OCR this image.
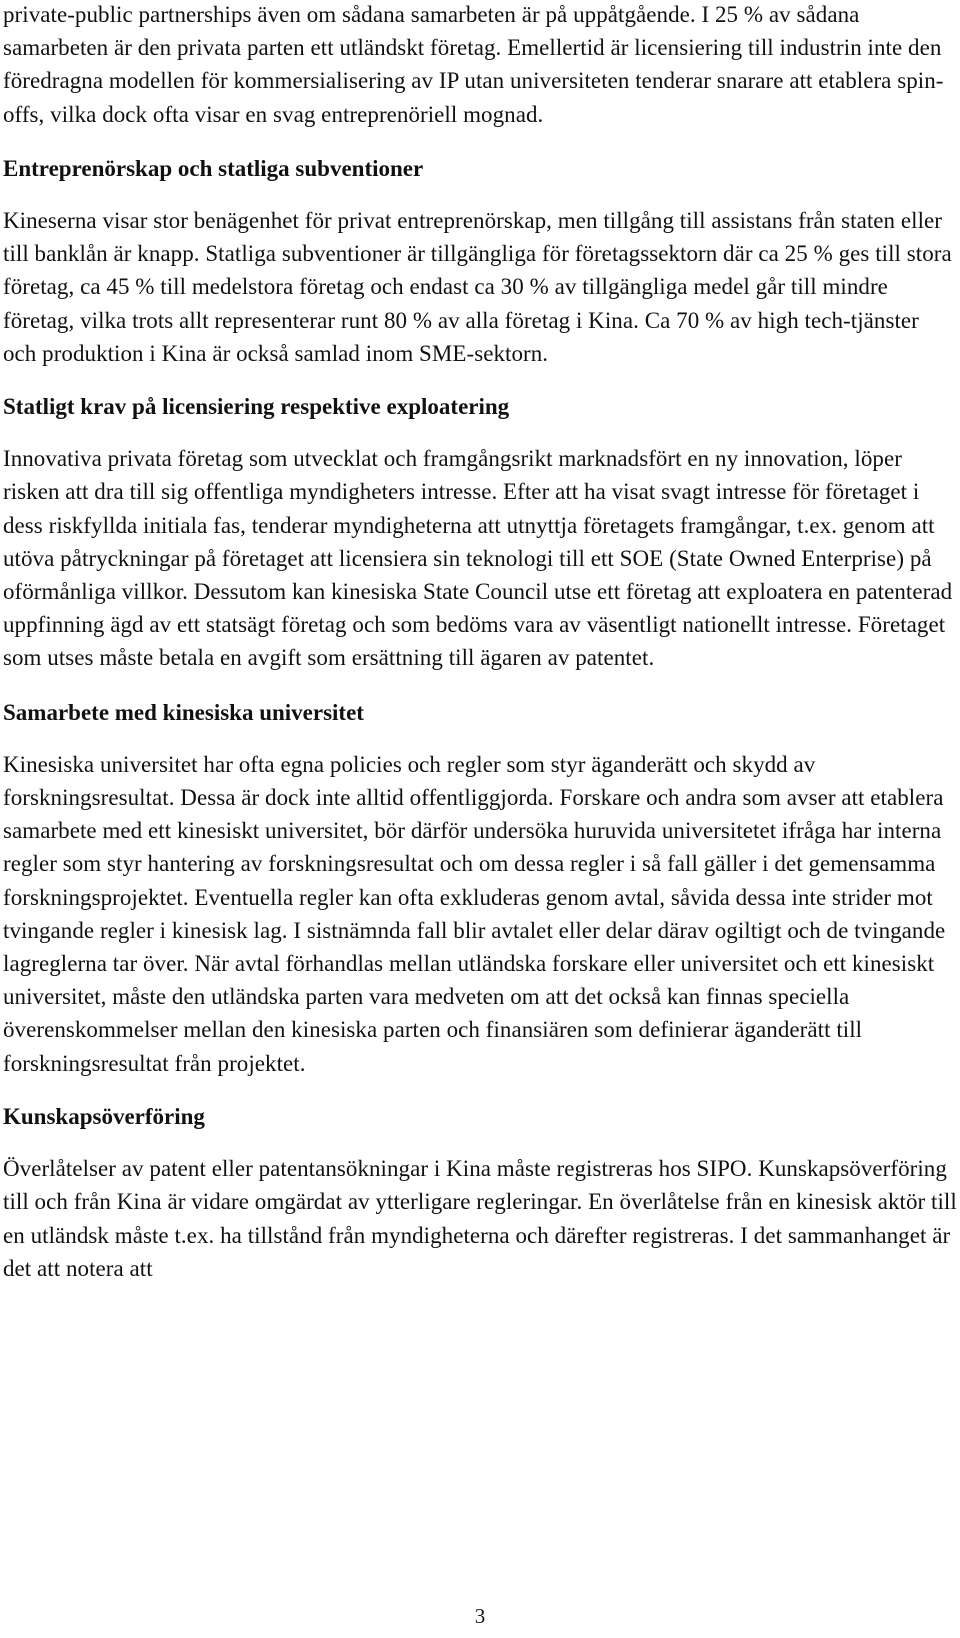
private-public partnerships även om sådana samarbeten är på uppåtgående. I 25 % av sådana samarbeten är den privata parten ett utländskt företag. Emellertid är licensiering till industrin inte den föredragna modellen för kommersialisering av IP utan universiteten tenderar snarare att etablera spin-offs, vilka dock ofta visar en svag entreprenöriell mognad.

Entreprenörskap och statliga subventioner

Kineserna visar stor benägenhet för privat entreprenörskap, men tillgång till assistans från staten eller till banklån är knapp. Statliga subventioner är tillgängliga för företagssektorn där ca 25 % ges till stora företag, ca 45 % till medelstora företag och endast ca 30 % av tillgängliga medel går till mindre företag, vilka trots allt representerar runt 80 % av alla företag i Kina. Ca 70 % av high tech-tjänster och produktion i Kina är också samlad inom SME-sektorn.

Statligt krav på licensiering respektive exploatering

Innovativa privata företag som utvecklat och framgångsrikt marknadsfört en ny innovation, löper risken att dra till sig offentliga myndigheters intresse. Efter att ha visat svagt intresse för företaget i dess riskfyllda initiala fas, tenderar myndigheterna att utnyttja företagets framgångar, t.ex. genom att utöva påtryckningar på företaget att licensiera sin teknologi till ett SOE (State Owned Enterprise) på oförmånliga villkor. Dessutom kan kinesiska State Council utse ett företag att exploatera en patenterad uppfinning ägd av ett statsägt företag och som bedöms vara av väsentligt nationellt intresse. Företaget som utses måste betala en avgift som ersättning till ägaren av patentet.

Samarbete med kinesiska universitet

Kinesiska universitet har ofta egna policies och regler som styr äganderätt och skydd av forskningsresultat. Dessa är dock inte alltid offentliggjorda. Forskare och andra som avser att etablera samarbete med ett kinesiskt universitet, bör därför undersöka huruvida universitetet ifråga har interna regler som styr hantering av forskningsresultat och om dessa regler i så fall gäller i det gemensamma forskningsprojektet. Eventuella regler kan ofta exkluderas genom avtal, såvida dessa inte strider mot tvingande regler i kinesisk lag. I sistnämnda fall blir avtalet eller delar därav ogiltigt och de tvingande lagreglerna tar över. När avtal förhandlas mellan utländska forskare eller universitet och ett kinesiskt universitet, måste den utländska parten vara medveten om att det också kan finnas speciella överenskommelser mellan den kinesiska parten och finansiären som definierar äganderätt till forskningsresultat från projektet.

Kunskapsöverföring

Överlåtelser av patent eller patentansökningar i Kina måste registreras hos SIPO. Kunskapsöverföring till och från Kina är vidare omgärdat av ytterligare regleringar. En överlåtelse från en kinesisk aktör till en utländsk måste t.ex. ha tillstånd från myndigheterna och därefter registreras. I det sammanhanget är det att notera att

3
